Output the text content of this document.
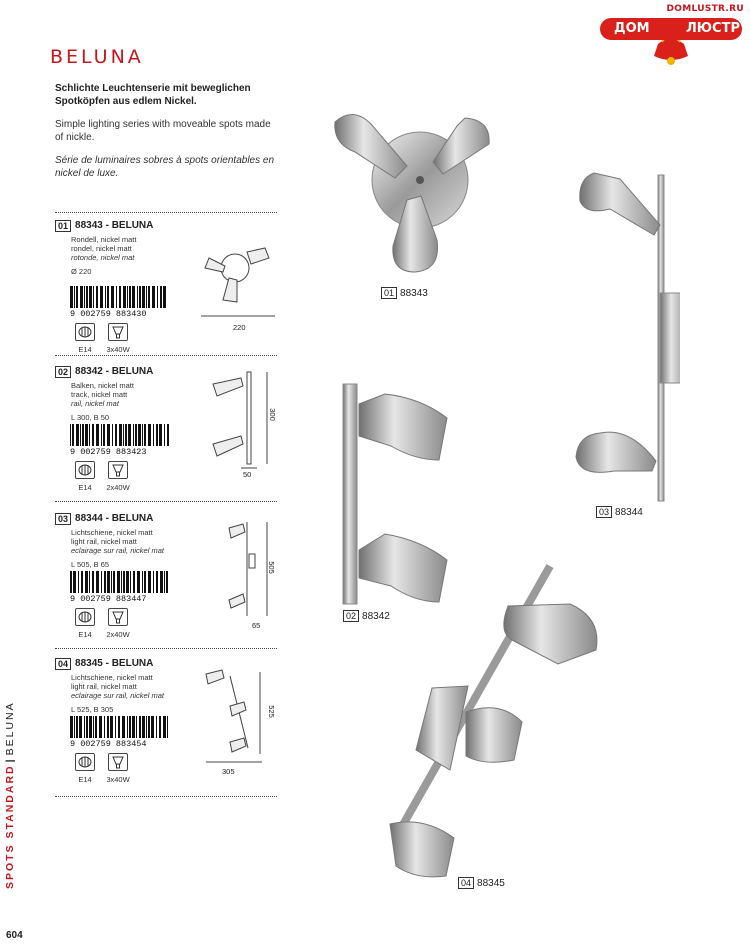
DOMLUSTR.RU
ДОМ	ЛЮСТР
BELUNA
Schlichte Leuchtenserie mit beweglichen Spotköpfen aus edlem Nickel.
Simple lighting series with moveable spots made of nickle.
Série de luminaires sobres à spots orientables en nickel de luxe.
01 88343 - BELUNA
Rondell, nickel matt
rondel, nickel matt
rotonde, nickel mat
Ø 220
02 88342 - BELUNA
Balken, nickel matt
track, nickel matt
rail, nickel mat
L 300, B 50
03 88344 - BELUNA
Lichtschiene, nickel matt
light rail, nickel matt
eclairage sur rail, nickel mat
L 505, B 65
04 88345 - BELUNA
Lichtschiene, nickel matt
light rail, nickel matt
eclairage sur rail, nickel mat
L 525, B 305
220
300
50
505
65
525
305
01 88343
03 88344
02 88342
04 88345
SPOTS STANDARD|BELUNA
604
9 002759 883430
E14	3x40W
9 002759 883423
E14	2x40W
9 002759 883447
E14	2x40W
9 002759 883454
E14	3x40W
